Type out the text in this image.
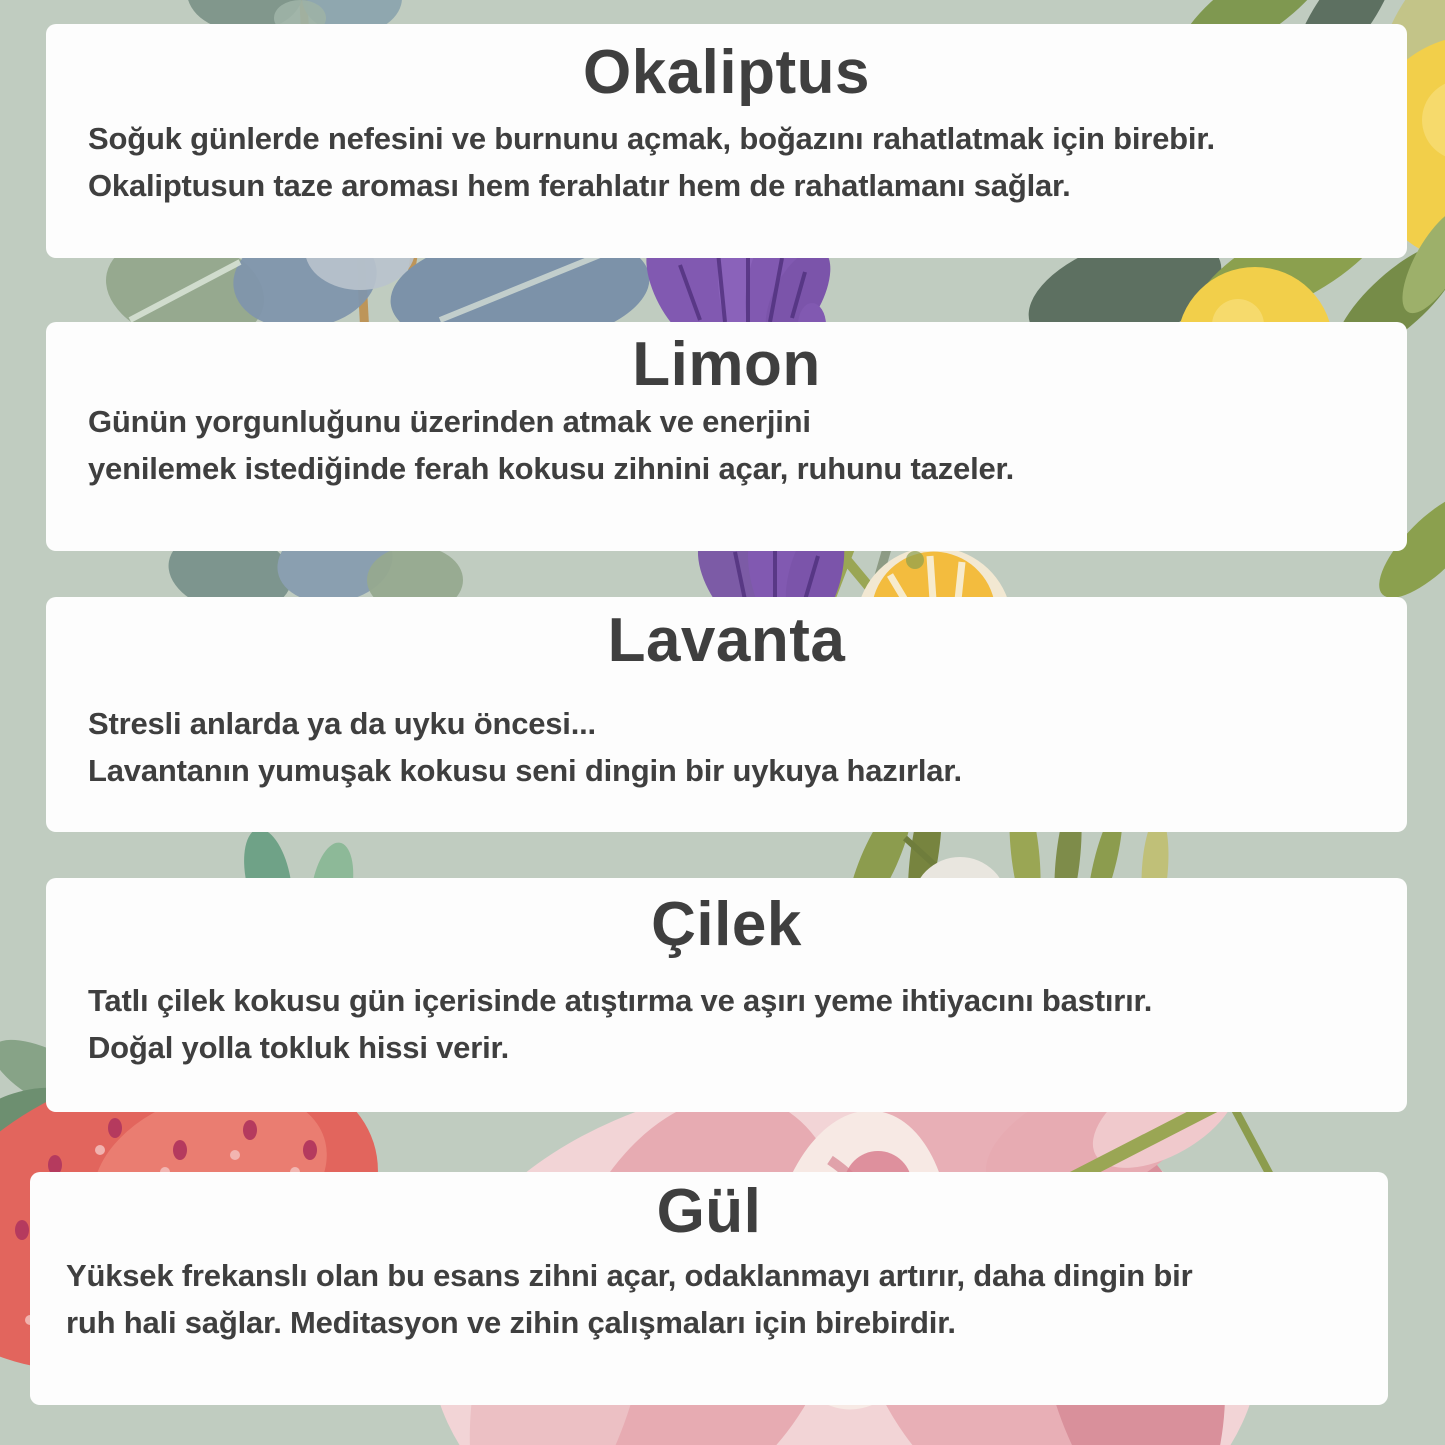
Okaliptus

Soğuk günlerde nefesini ve burnunu açmak, boğazını rahatlatmak için birebir.

Okaliptusun taze aroması hem ferahlatır hem de rahatlamanı sağlar.

Limon

Günün yorgunluğunu üzerinden atmak ve enerjini

yenilemek istediğinde ferah kokusu zihnini açar, ruhunu tazeler.

Lavanta

Stresli anlarda ya da uyku öncesi...

Lavantanın yumuşak kokusu seni dingin bir uykuya hazırlar.

Çilek

Tatlı çilek kokusu gün içerisinde atıştırma ve aşırı yeme ihtiyacını bastırır.

Doğal yolla tokluk hissi verir.

Gül

Yüksek frekanslı olan bu esans zihni açar, odaklanmayı artırır, daha dingin bir

ruh hali sağlar. Meditasyon ve zihin çalışmaları için birebirdir.
